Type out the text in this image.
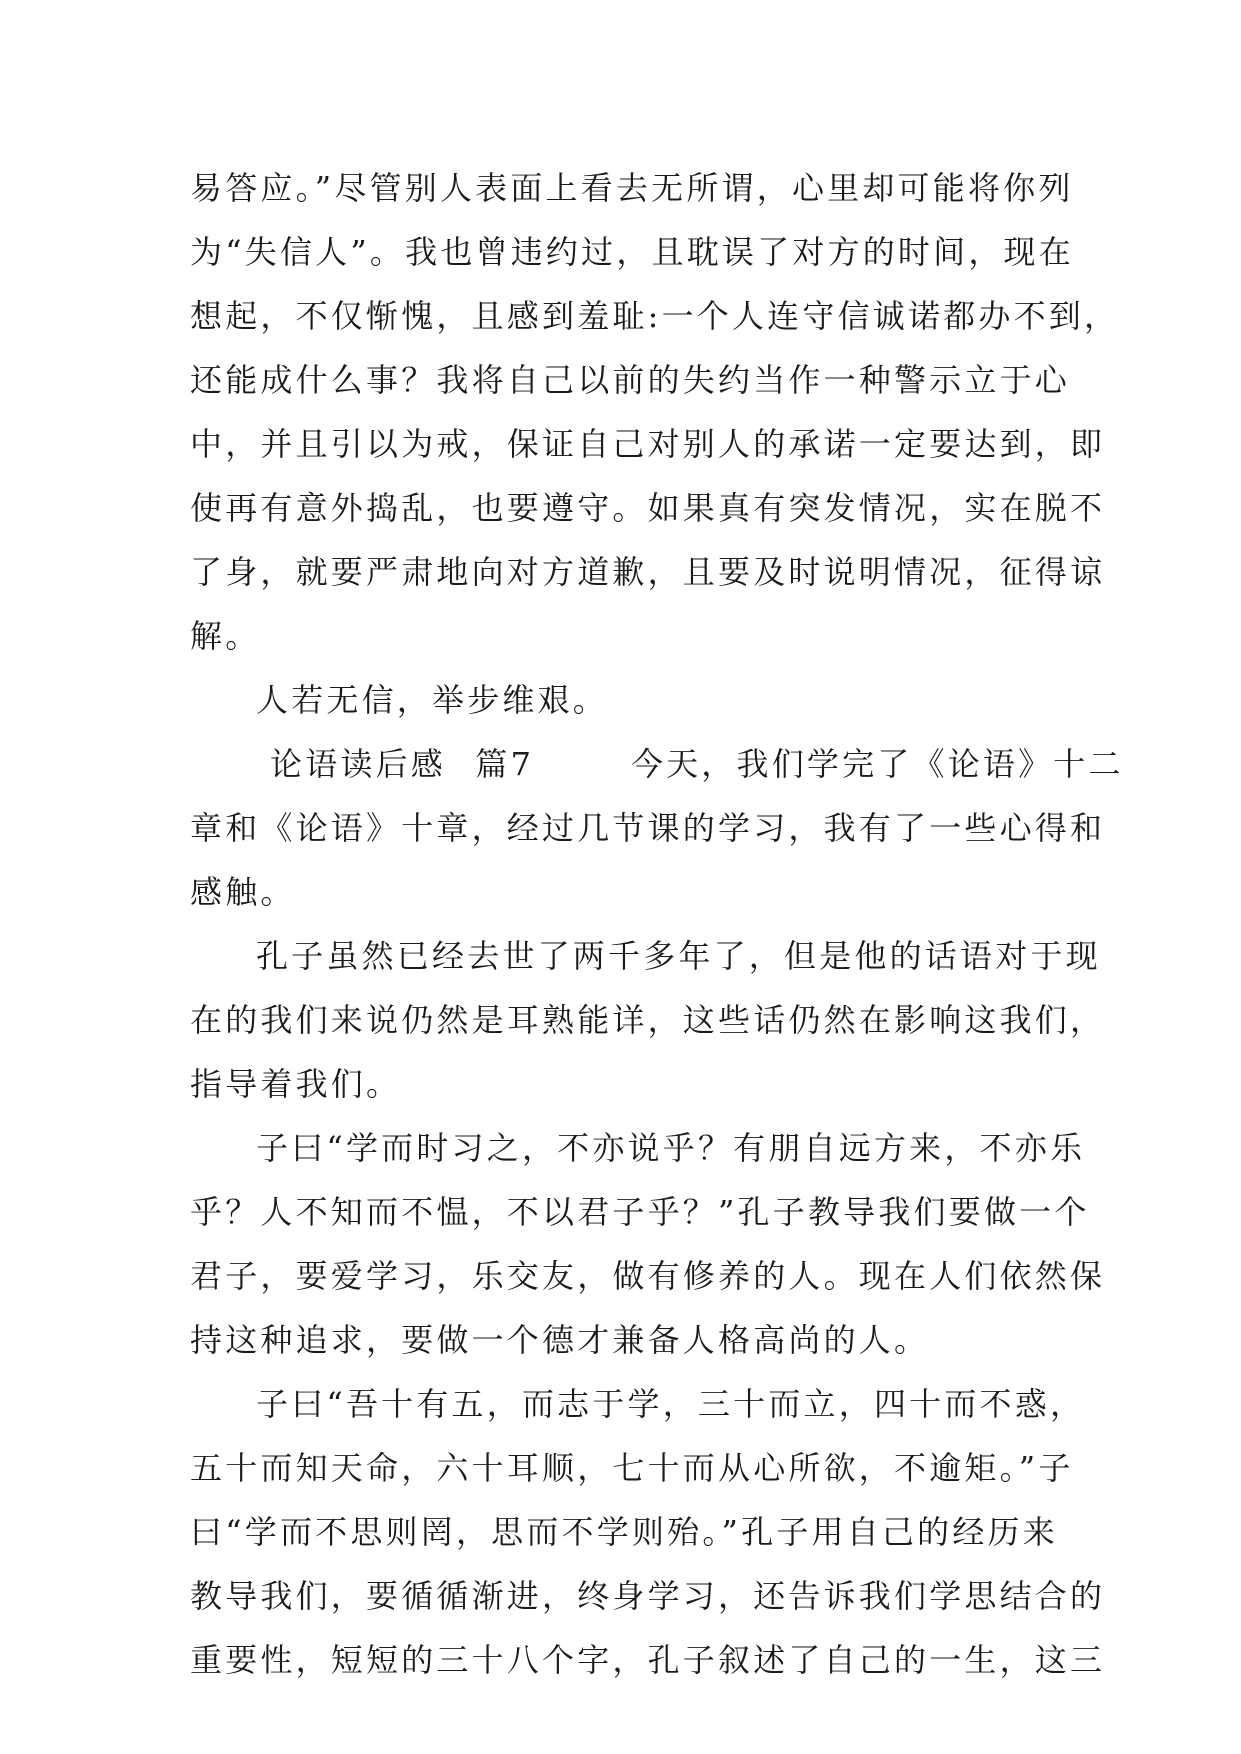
易答应。”尽管别人表面上看去无所谓，心里却可能将你列
为“失信人”。我也曾违约过，且耽误了对方的时间，现在
想起，不仅惭愧，且感到羞耻:一个人连守信诚诺都办不到，
还能成什么事？我将自己以前的失约当作一种警示立于心
中，并且引以为戒，保证自己对别人的承诺一定要达到，即
使再有意外捣乱，也要遵守。如果真有突发情况，实在脱不
了身，就要严肃地向对方道歉，且要及时说明情况，征得谅
解。
人若无信，举步维艰。
论语读后感 篇7	今天，我们学完了《论语》十二
章和《论语》十章，经过几节课的学习，我有了一些心得和
感触。
孔子虽然已经去世了两千多年了，但是他的话语对于现
在的我们来说仍然是耳熟能详，这些话仍然在影响这我们，
指导着我们。
子曰“学而时习之，不亦说乎？有朋自远方来，不亦乐
乎？人不知而不愠，不以君子乎？”孔子教导我们要做一个
君子，要爱学习，乐交友，做有修养的人。现在人们依然保
持这种追求，要做一个德才兼备人格高尚的人。
子曰“吾十有五，而志于学，三十而立，四十而不惑，
五十而知天命，六十耳顺，七十而从心所欲，不逾矩。”子
曰“学而不思则罔，思而不学则殆。”孔子用自己的经历来
教导我们，要循循渐进，终身学习，还告诉我们学思结合的
重要性，短短的三十八个字，孔子叙述了自己的一生，这三
